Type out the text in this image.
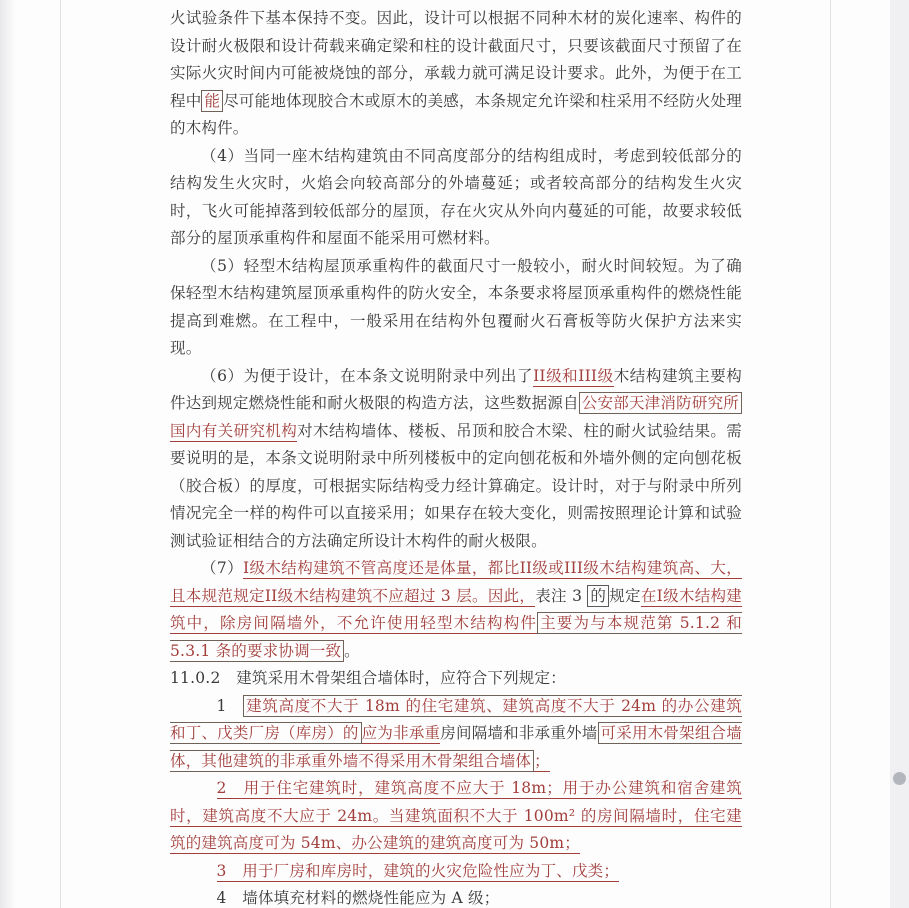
火试验条件下基本保持不变。因此，设计可以根据不同种木材的炭化速率、构件的设计耐火极限和设计荷载来确定梁和柱的设计截面尺寸，只要该截面尺寸预留了在实际火灾时间内可能被烧蚀的部分，承载力就可满足设计要求。此外，为便于在工程中 能 尽可能地体现胶合木或原木的美感，本条规定允许梁和柱采用不经防火处理的木构件。
（4）当同一座木结构建筑由不同高度部分的结构组成时，考虑到较低部分的结构发生火灾时，火焰会向较高部分的外墙蔓延；或者较高部分的结构发生火灾时，飞火可能掉落到较低部分的屋顶，存在火灾从外向内蔓延的可能，故要求较低部分的屋顶承重构件和屋面不能采用可燃材料。
（5）轻型木结构屋顶承重构件的截面尺寸一般较小，耐火时间较短。为了确保轻型木结构建筑屋顶承重构件的防火安全，本条要求将屋顶承重构件的燃烧性能提高到难燃。在工程中，一般采用在结构外包覆耐火石膏板等防火保护方法来实现。
（6）为便于设计，在本条文说明附录中列出了II级和III级木结构建筑主要构件达到规定燃烧性能和耐火极限的构造方法，这些数据源自 公安部天津消防研究所国内有关研究机构对木结构墙体、楼板、吊顶和胶合木梁、柱的耐火试验结果。需要说明的是，本条文说明附录中所列楼板中的定向刨花板和外墙外侧的定向刨花板（胶合板）的厚度，可根据实际结构受力经计算确定。设计时，对于与附录中所列情况完全一样的构件可以直接采用；如果存在较大变化，则需按照理论计算和试验测试验证相结合的方法确定所设计木构件的耐火极限。
（7）I级木结构建筑不管高度还是体量，都比II级或III级木结构建筑高、大，且本规范规定II级木结构建筑不应超过 3 层。因此，表注 3 的 规定在I级木结构建筑中，除房间隔墙外，不允许使用轻型木结构构件 主要为与本规范第 5.1.2 和 5.3.1 条的要求协调一致 。
11.0.2　建筑采用木骨架组合墙体时，应符合下列规定：
1　建筑高度不大于 18m 的住宅建筑、建筑高度不大于 24m 的办公建筑和丁、戊类厂房（库房）的 应为非承重房间隔墙和非承重外墙 可采用木骨架组合墙体，其他建筑的非承重外墙不得采用木骨架组合墙体 ；
2　用于住宅建筑时，建筑高度不应大于 18m；用于办公建筑和宿舍建筑时，建筑高度不大应于 24m。当建筑面积不大于 100m² 的房间隔墙时，住宅建筑的建筑高度可为 54m、办公建筑的建筑高度可为 50m；
3　用于厂房和库房时，建筑的火灾危险性应为丁、戊类；
4　墙体填充材料的燃烧性能应为 A 级；
